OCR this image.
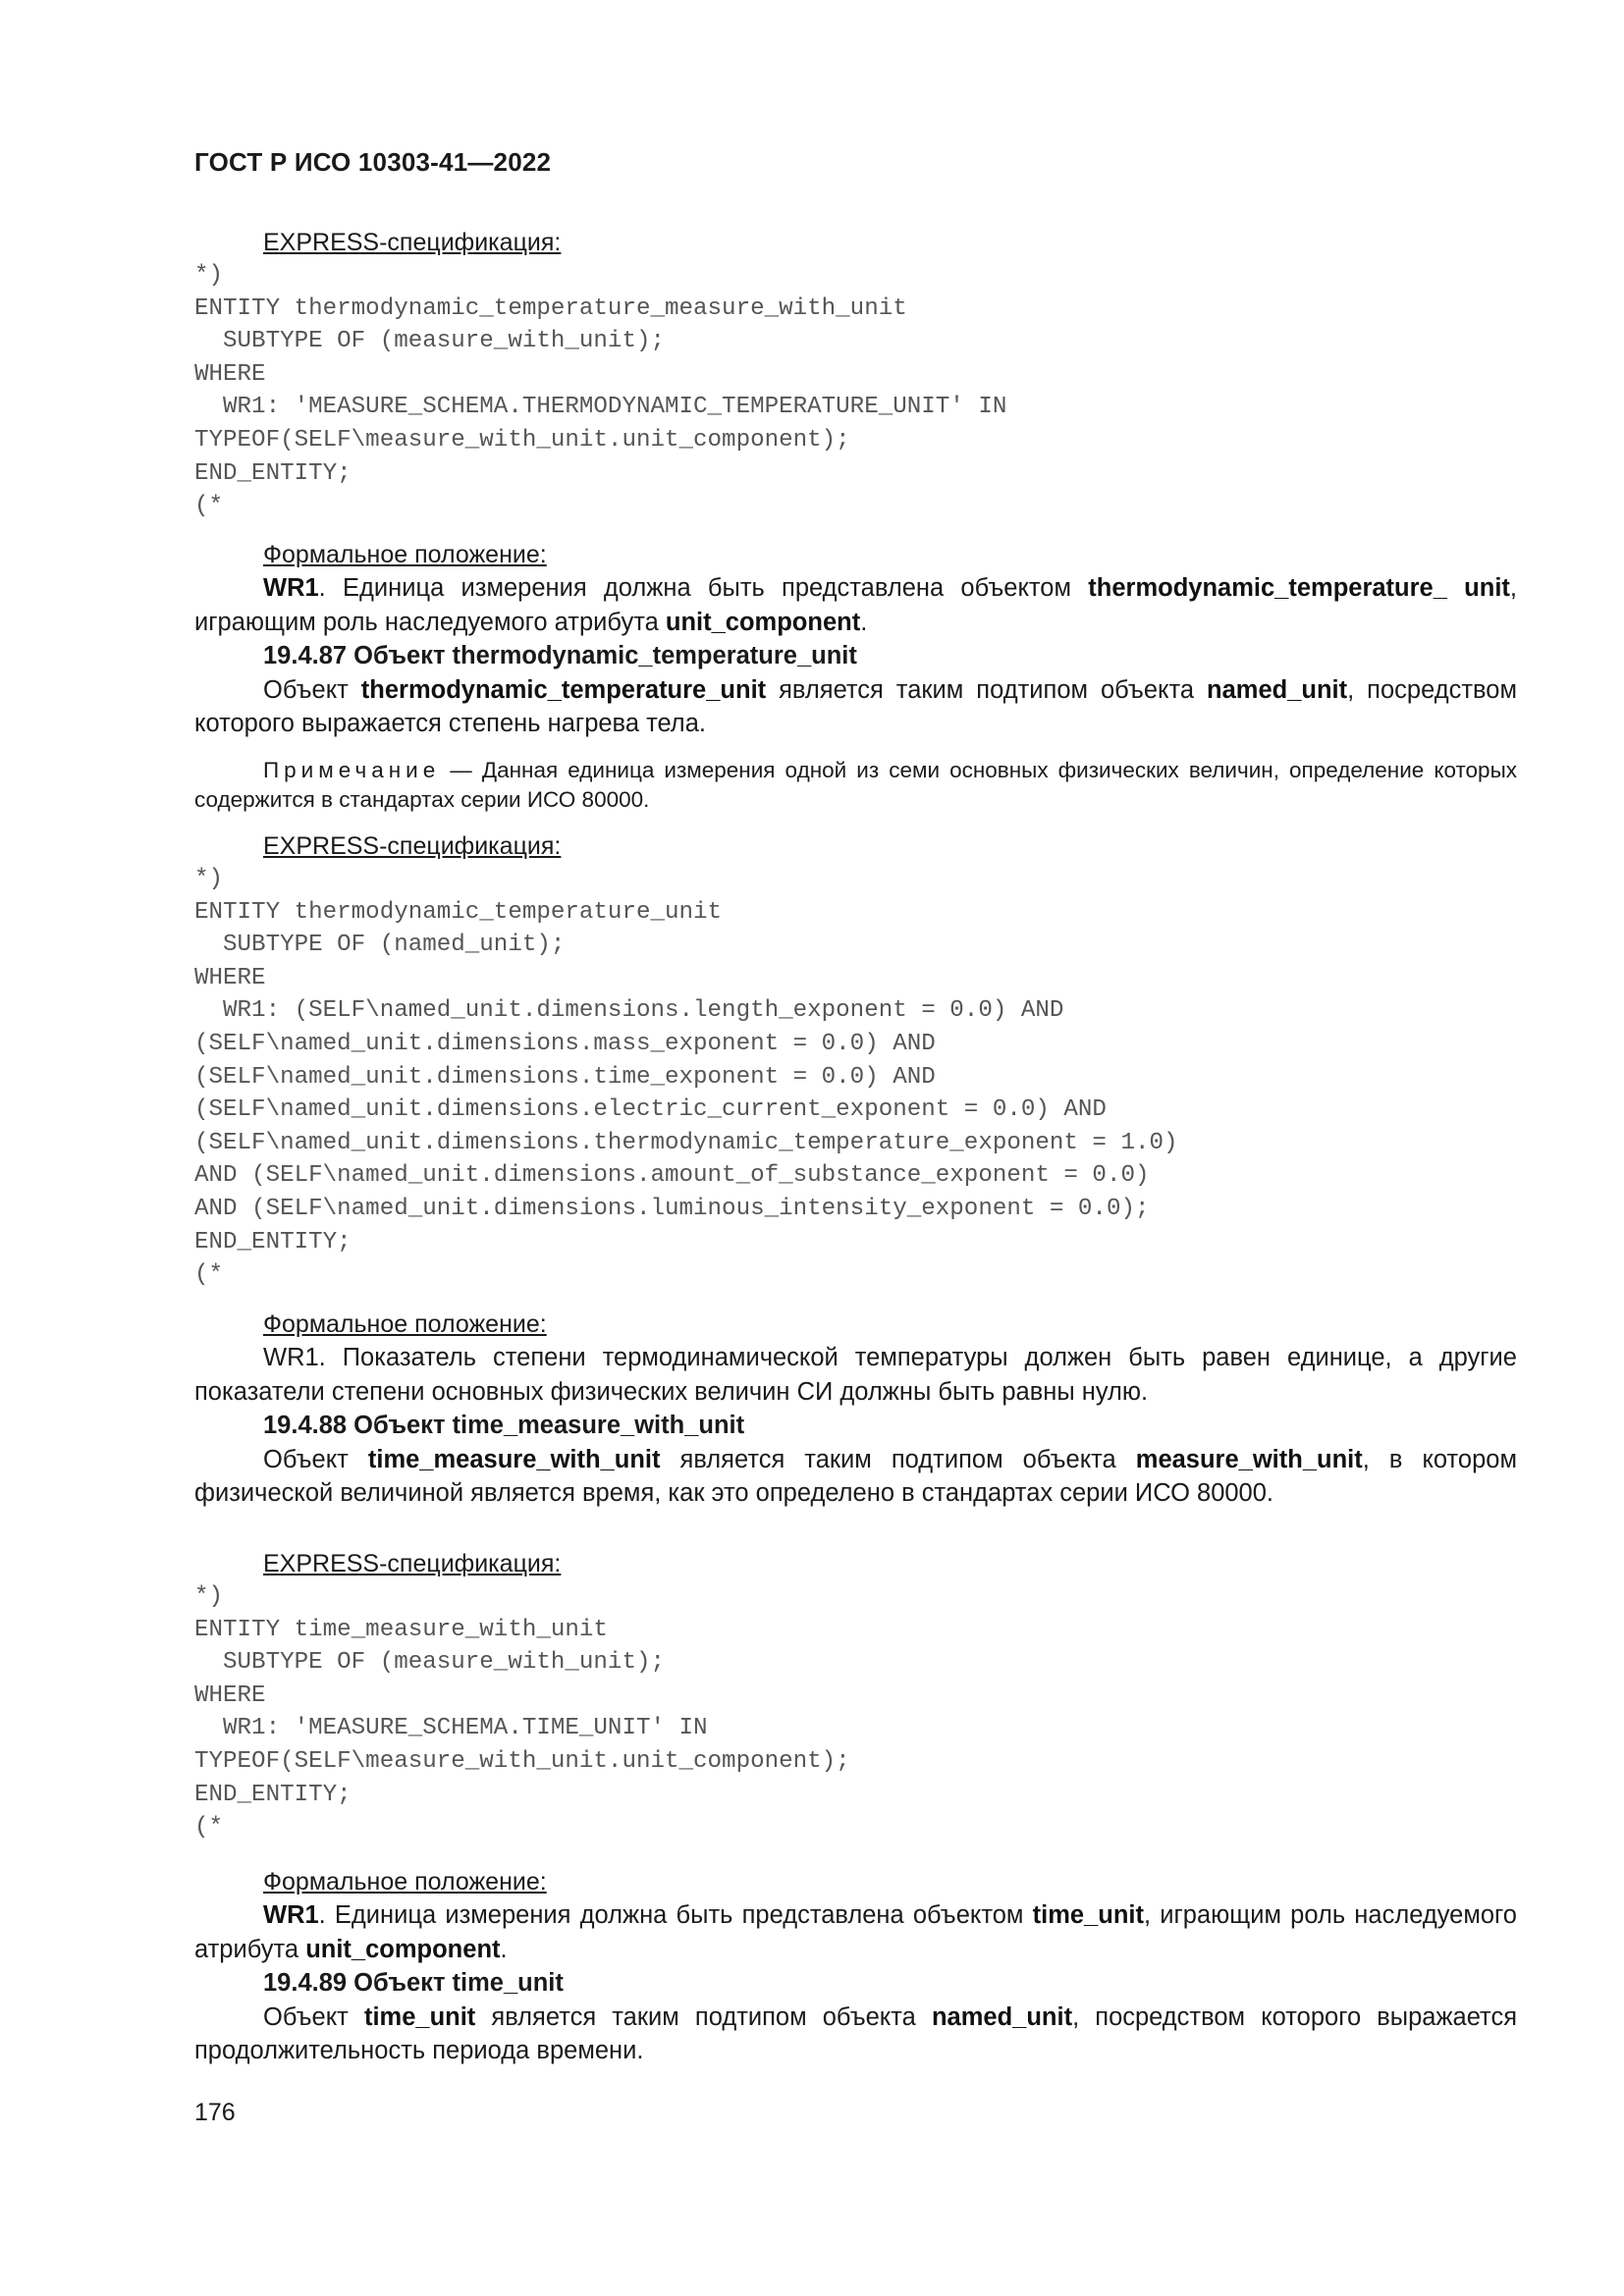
ГОСТ Р ИСО 10303-41—2022
EXPRESS-спецификация:
*)
ENTITY thermodynamic_temperature_measure_with_unit
SUBTYPE OF (measure_with_unit);
WHERE
WR1: 'MEASURE_SCHEMA.THERMODYNAMIC_TEMPERATURE_UNIT' IN
TYPEOF(SELF\measure_with_unit.unit_component);
END_ENTITY;
(*
Формальное положение:

WR1. Единица измерения должна быть представлена объектом thermodynamic_temperature_ unit, играющим роль наследуемого атрибута unit_component.

19.4.87 Объект thermodynamic_temperature_unit

Объект thermodynamic_temperature_unit является таким подтипом объекта named_unit, посредством которого выражается степень нагрева тела.

Примечание — Данная единица измерения одной из семи основных физических величин, определение которых содержится в стандартах серии ИСО 80000.

EXPRESS-спецификация:
*)
ENTITY thermodynamic_temperature_unit
SUBTYPE OF (named_unit);
WHERE
WR1: (SELF\named_unit.dimensions.length_exponent = 0.0) AND
(SELF\named_unit.dimensions.mass_exponent = 0.0) AND
(SELF\named_unit.dimensions.time_exponent = 0.0) AND
(SELF\named_unit.dimensions.electric_current_exponent = 0.0) AND
(SELF\named_unit.dimensions.thermodynamic_temperature_exponent = 1.0)
AND (SELF\named_unit.dimensions.amount_of_substance_exponent = 0.0)
AND (SELF\named_unit.dimensions.luminous_intensity_exponent = 0.0);
END_ENTITY;
(*
Формальное положение:

WR1. Показатель степени термодинамической температуры должен быть равен единице, а другие показатели степени основных физических величин СИ должны быть равны нулю.

19.4.88 Объект time_measure_with_unit

Объект time_measure_with_unit является таким подтипом объекта measure_with_unit, в котором физической величиной является время, как это определено в стандартах серии ИСО 80000.

EXPRESS-спецификация:
*)
ENTITY time_measure_with_unit
SUBTYPE OF (measure_with_unit);
WHERE
WR1: 'MEASURE_SCHEMA.TIME_UNIT' IN
TYPEOF(SELF\measure_with_unit.unit_component);
END_ENTITY;
(*
Формальное положение:

WR1. Единица измерения должна быть представлена объектом time_unit, играющим роль наследуемого атрибута unit_component.

19.4.89 Объект time_unit

Объект time_unit является таким подтипом объекта named_unit, посредством которого выражается продолжительность периода времени.

176
